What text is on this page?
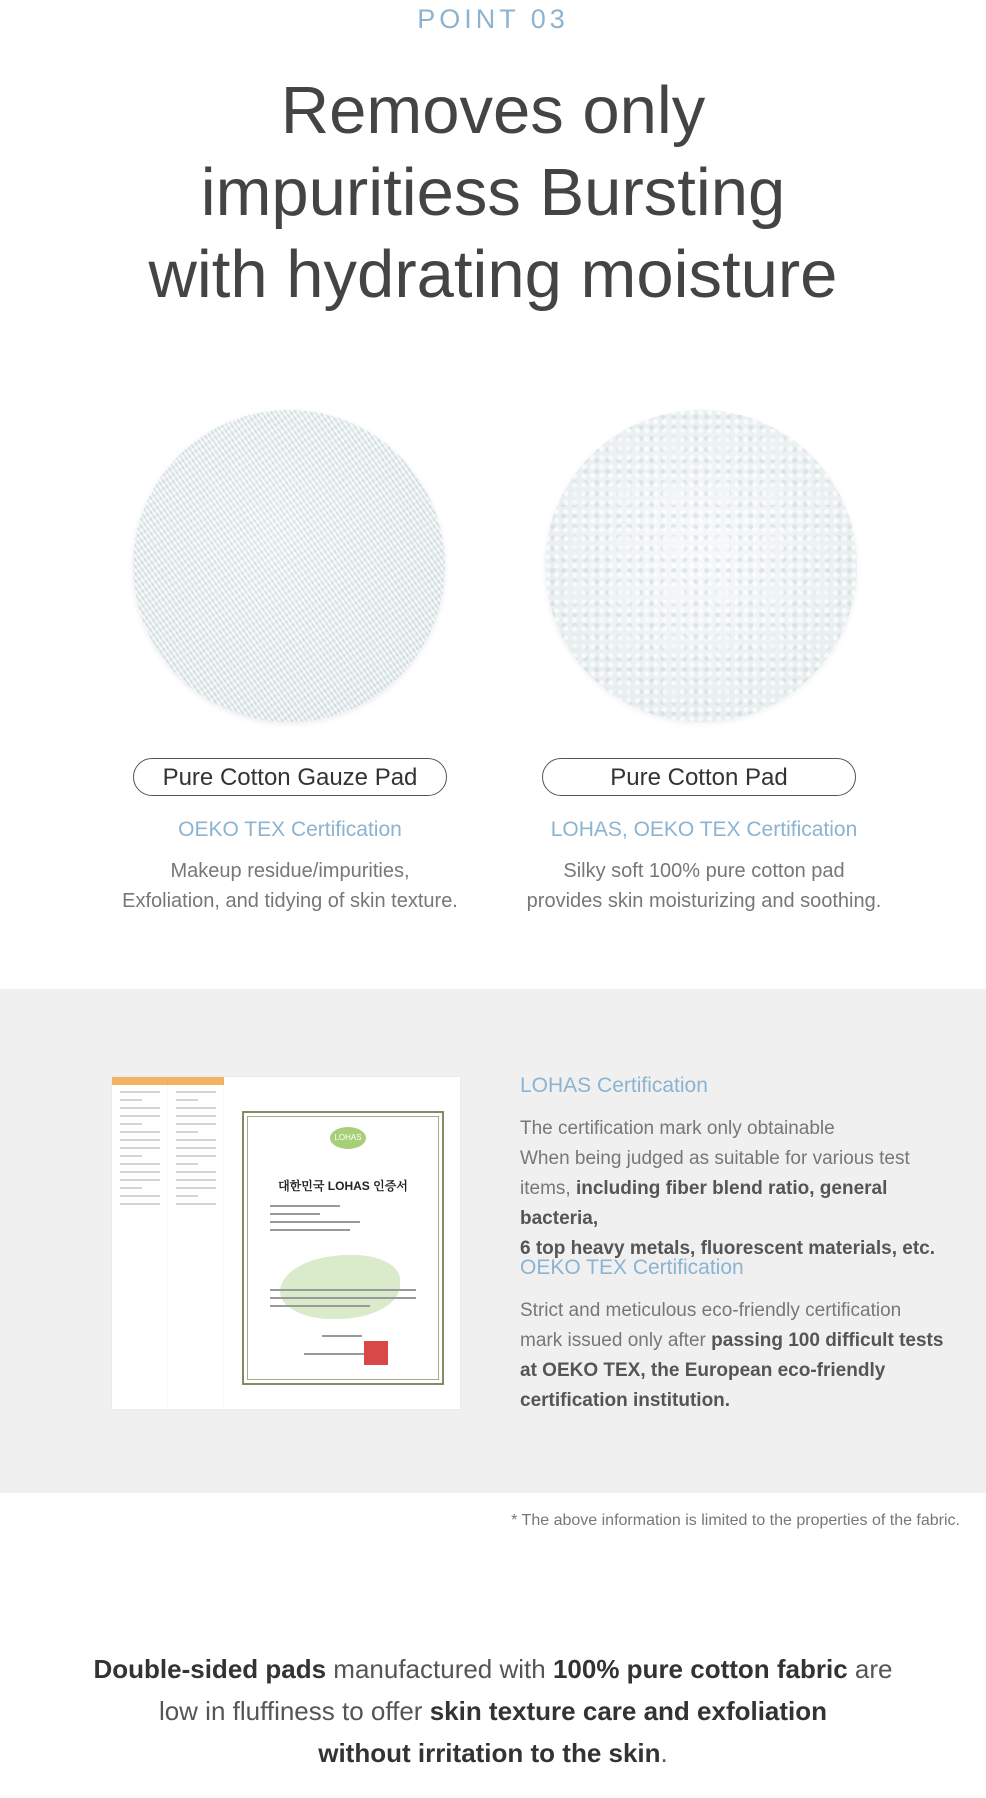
POINT 03
Removes only
impuritiess Bursting
with hydrating moisture
Pure Cotton Gauze Pad	Pure Cotton Pad
OEKO TEX Certification	LOHAS, OEKO TEX Certification
Makeup residue/impurities,
Exfoliation, and tidying of skin texture.
Silky soft 100% pure cotton pad
provides skin moisturizing and soothing.
LOHAS
대한민국 LOHAS 인증서
LOHAS Certification
The certification mark only obtainable
When being judged as suitable for various test
items, including fiber blend ratio, general bacteria,
6 top heavy metals, fluorescent materials, etc.
OEKO TEX Certification
Strict and meticulous eco-friendly certification
mark issued only after passing 100 difficult tests
at OEKO TEX, the European eco-friendly
certification institution.
* The above information is limited to the properties of the fabric.
Double-sided pads manufactured with 100% pure cotton fabric are
low in fluffiness to offer skin texture care and exfoliation
without irritation to the skin.
